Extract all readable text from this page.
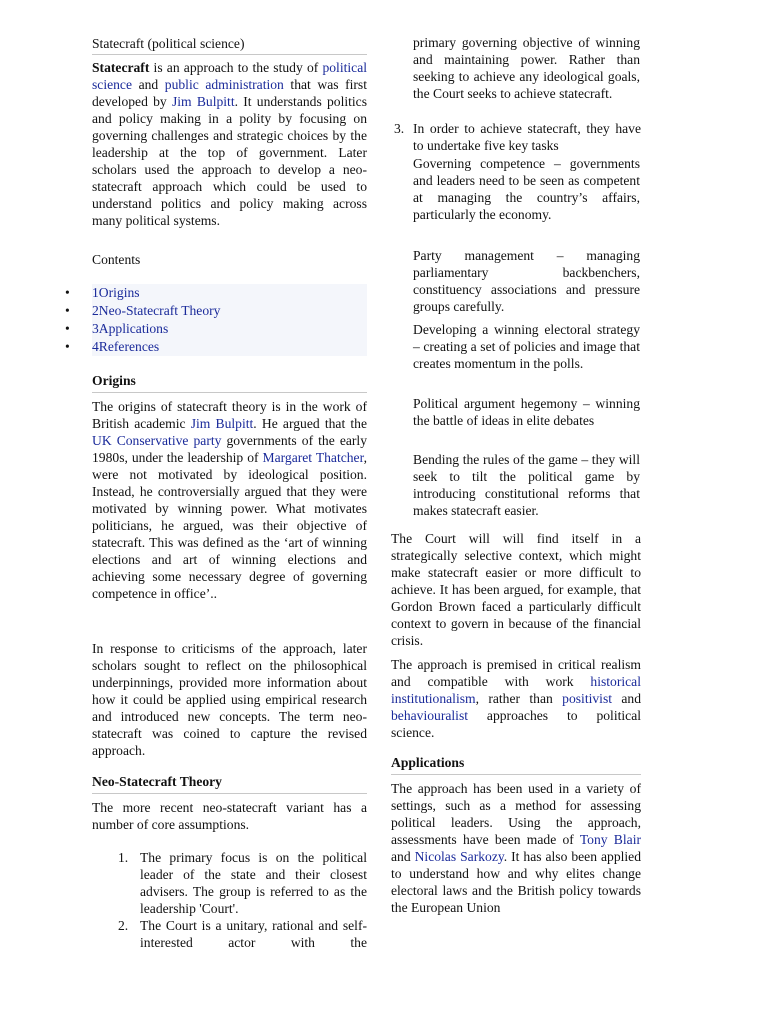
Statecraft (political science)

Statecraft is an approach to the study of political science and public administration that was first developed by Jim Bulpitt. It understands politics and policy making in a polity by focusing on governing challenges and strategic choices by the leadership at the top of government. Later scholars used the approach to develop a neo-statecraft approach which could be used to understand politics and policy making across many political systems.

Contents
• 1Origins
• 2Neo-Statecraft Theory
• 3Applications
• 4References
Origins

The origins of statecraft theory is in the work of British academic Jim Bulpitt. He argued that the UK Conservative party governments of the early 1980s, under the leadership of Margaret Thatcher, were not motivated by ideological position. Instead, he controversially argued that they were motivated by winning power. What motivates politicians, he argued, was their objective of statecraft. This was defined as the ‘art of winning elections and art of winning elections and achieving some necessary degree of governing competence in office’..

In response to criticisms of the approach, later scholars sought to reflect on the philosophical underpinnings, provided more information about how it could be applied using empirical research and introduced new concepts. The term neo-statecraft was coined to capture the revised approach.

Neo-Statecraft Theory

The more recent neo-statecraft variant has a number of core assumptions.

1. The primary focus is on the political leader of the state and their closest advisers. The group is referred to as the leadership 'Court'.

2. The Court is a unitary, rational and self-interested actor with the

primary governing objective of winning and maintaining power. Rather than seeking to achieve any ideological goals, the Court seeks to achieve statecraft.

3. In order to achieve statecraft, they have to undertake five key tasks

Governing competence – governments and leaders need to be seen as competent at managing the country’s affairs, particularly the economy.

Party management – managing parliamentary backbenchers, constituency associations and pressure groups carefully.

Developing a winning electoral strategy – creating a set of policies and image that creates momentum in the polls.

Political argument hegemony – winning the battle of ideas in elite debates

Bending the rules of the game – they will seek to tilt the political game by introducing constitutional reforms that makes statecraft easier.

The Court will will find itself in a strategically selective context, which might make statecraft easier or more difficult to achieve. It has been argued, for example, that Gordon Brown faced a particularly difficult context to govern in because of the financial crisis.

The approach is premised in critical realism and compatible with work historical institutionalism, rather than positivist and behaviouralist approaches to political science.

Applications

The approach has been used in a variety of settings, such as a method for assessing political leaders. Using the approach, assessments have been made of Tony Blair and Nicolas Sarkozy. It has also been applied to understand how and why elites change electoral laws and the British policy towards the European Union
